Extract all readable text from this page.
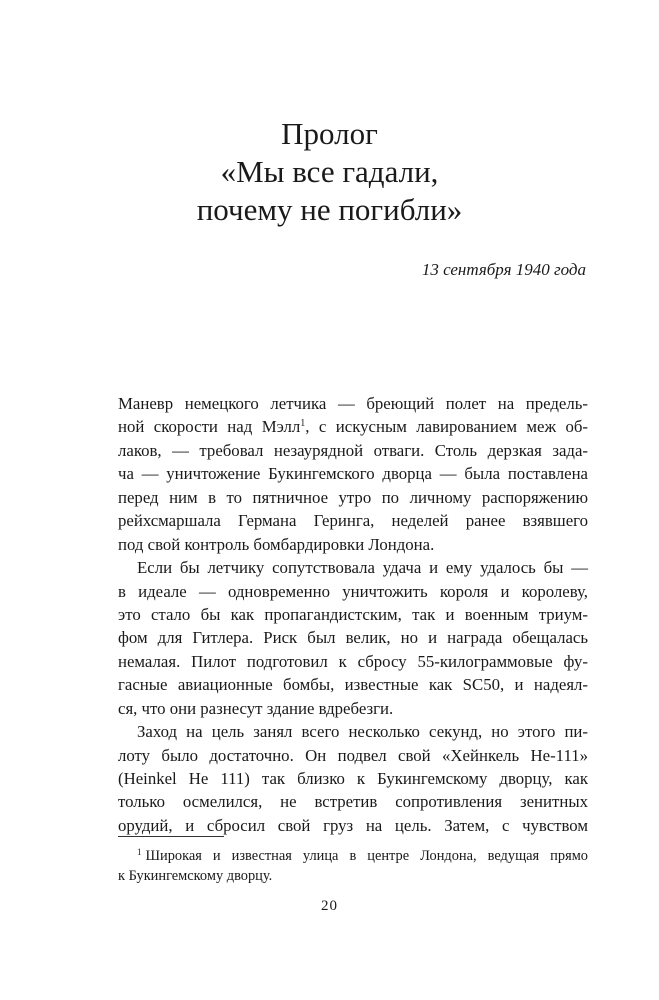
Пролог
«Мы все гадали,
почему не погибли»
13 сентября 1940 года
Маневр немецкого летчика — бреющий полет на предель-
ной скорости над Мэлл$^1$, с искусным лавированием меж об-
лаков, — требовал незаурядной отваги. Столь дерзкая зада-
ча — уничтожение Букингемского дворца — была поставлена
перед ним в то пятничное утро по личному распоряжению
рейхсмаршала Германа Геринга, неделей ранее взявшего
под свой контроль бомбардировки Лондона.
Если бы летчику сопутствовала удача и ему удалось бы —
в идеале — одновременно уничтожить короля и королеву,
это стало бы как пропагандистским, так и военным триум-
фом для Гитлера. Риск был велик, но и награда обещалась
немалая. Пилот подготовил к сбросу 55-килограммовые фу-
гасные авиационные бомбы, известные как SC50, и надеял-
ся, что они разнесут здание вдребезги.
Заход на цель занял всего несколько секунд, но этого пи-
лоту было достаточно. Он подвел свой «Хейнкель Не-111»
(Heinkel He 111) так близко к Букингемскому дворцу, как
только осмелился, не встретив сопротивления зенитных
орудий, и сбросил свой груз на цель. Затем, с чувством
$^1$ Широкая и известная улица в центре Лондона, ведущая прямо
к Букингемскому дворцу.
20
